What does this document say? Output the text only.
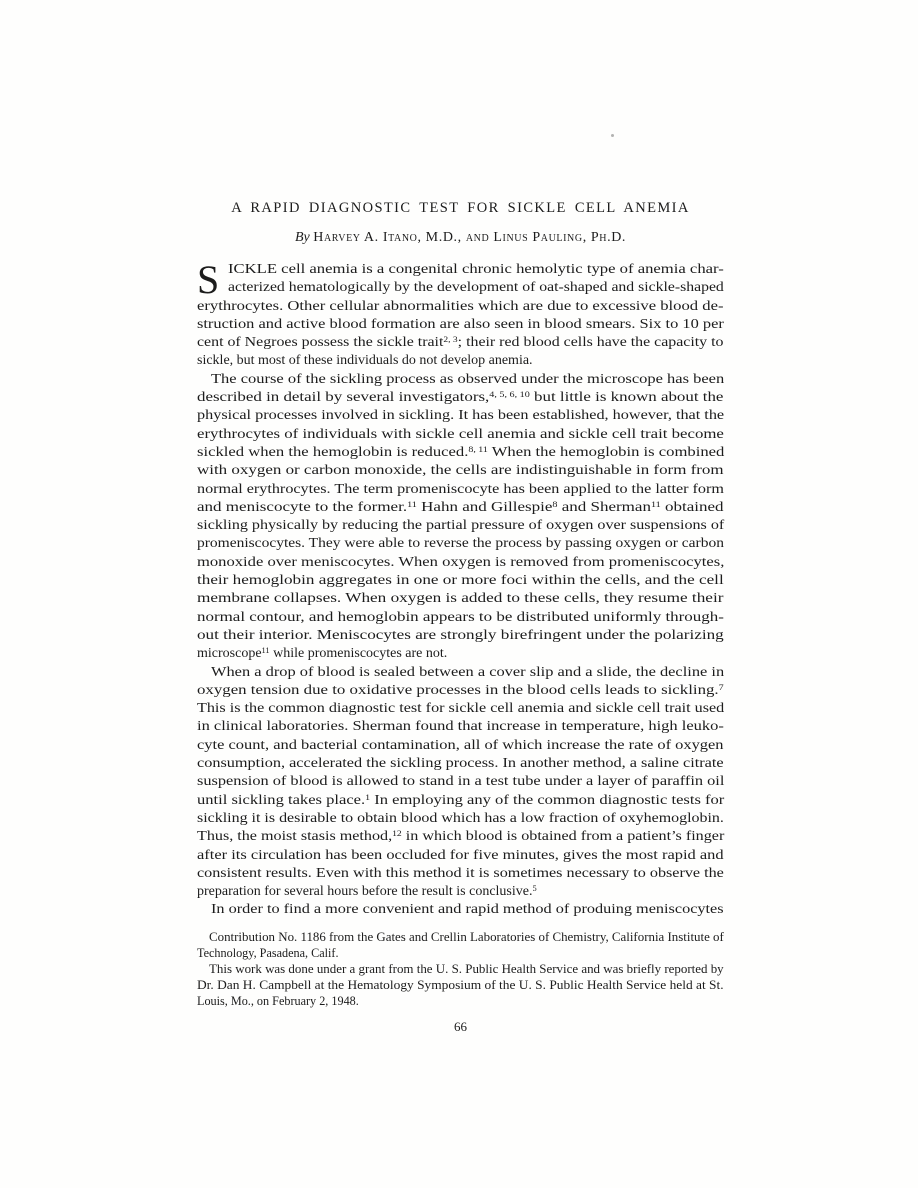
A RAPID DIAGNOSTIC TEST FOR SICKLE CELL ANEMIA
By Harvey A. Itano, M.D., and Linus Pauling, Ph.D.
S ICKLE cell anemia is a congenital chronic hemolytic type of anemia char-
acterized hematologically by the development of oat-shaped and sickle-shaped
erythrocytes. Other cellular abnormalities which are due to excessive blood de-
struction and active blood formation are also seen in blood smears. Six to 10 per
cent of Negroes possess the sickle trait$^{2, 3}$; their red blood cells have the capacity to
sickle, but most of these individuals do not develop anemia.
The course of the sickling process as observed under the microscope has been
described in detail by several investigators,$^{4, 5, 6, 10}$ but little is known about the
physical processes involved in sickling. It has been established, however, that the
erythrocytes of individuals with sickle cell anemia and sickle cell trait become
sickled when the hemoglobin is reduced.$^{8, 11}$ When the hemoglobin is combined
with oxygen or carbon monoxide, the cells are indistinguishable in form from
normal erythrocytes. The term promeniscocyte has been applied to the latter form
and meniscocyte to the former.$^{11}$ Hahn and Gillespie$^8$ and Sherman$^{11}$ obtained
sickling physically by reducing the partial pressure of oxygen over suspensions of
promeniscocytes. They were able to reverse the process by passing oxygen or carbon
monoxide over meniscocytes. When oxygen is removed from promeniscocytes,
their hemoglobin aggregates in one or more foci within the cells, and the cell
membrane collapses. When oxygen is added to these cells, they resume their
normal contour, and hemoglobin appears to be distributed uniformly through-
out their interior. Meniscocytes are strongly birefringent under the polarizing
microscope$^{11}$ while promeniscocytes are not.
When a drop of blood is sealed between a cover slip and a slide, the decline in
oxygen tension due to oxidative processes in the blood cells leads to sickling.$^7$
This is the common diagnostic test for sickle cell anemia and sickle cell trait used
in clinical laboratories. Sherman found that increase in temperature, high leuko-
cyte count, and bacterial contamination, all of which increase the rate of oxygen
consumption, accelerated the sickling process. In another method, a saline citrate
suspension of blood is allowed to stand in a test tube under a layer of paraffin oil
until sickling takes place.$^1$ In employing any of the common diagnostic tests for
sickling it is desirable to obtain blood which has a low fraction of oxyhemoglobin.
Thus, the moist stasis method,$^{12}$ in which blood is obtained from a patient’s finger
after its circulation has been occluded for five minutes, gives the most rapid and
consistent results. Even with this method it is sometimes necessary to observe the
preparation for several hours before the result is conclusive.$^5$
In order to find a more convenient and rapid method of produing meniscocytes
Contribution No. 1186 from the Gates and Crellin Laboratories of Chemistry, California Institute of
Technology, Pasadena, Calif.
This work was done under a grant from the U. S. Public Health Service and was briefly reported by
Dr. Dan H. Campbell at the Hematology Symposium of the U. S. Public Health Service held at St.
Louis, Mo., on February 2, 1948.
66
